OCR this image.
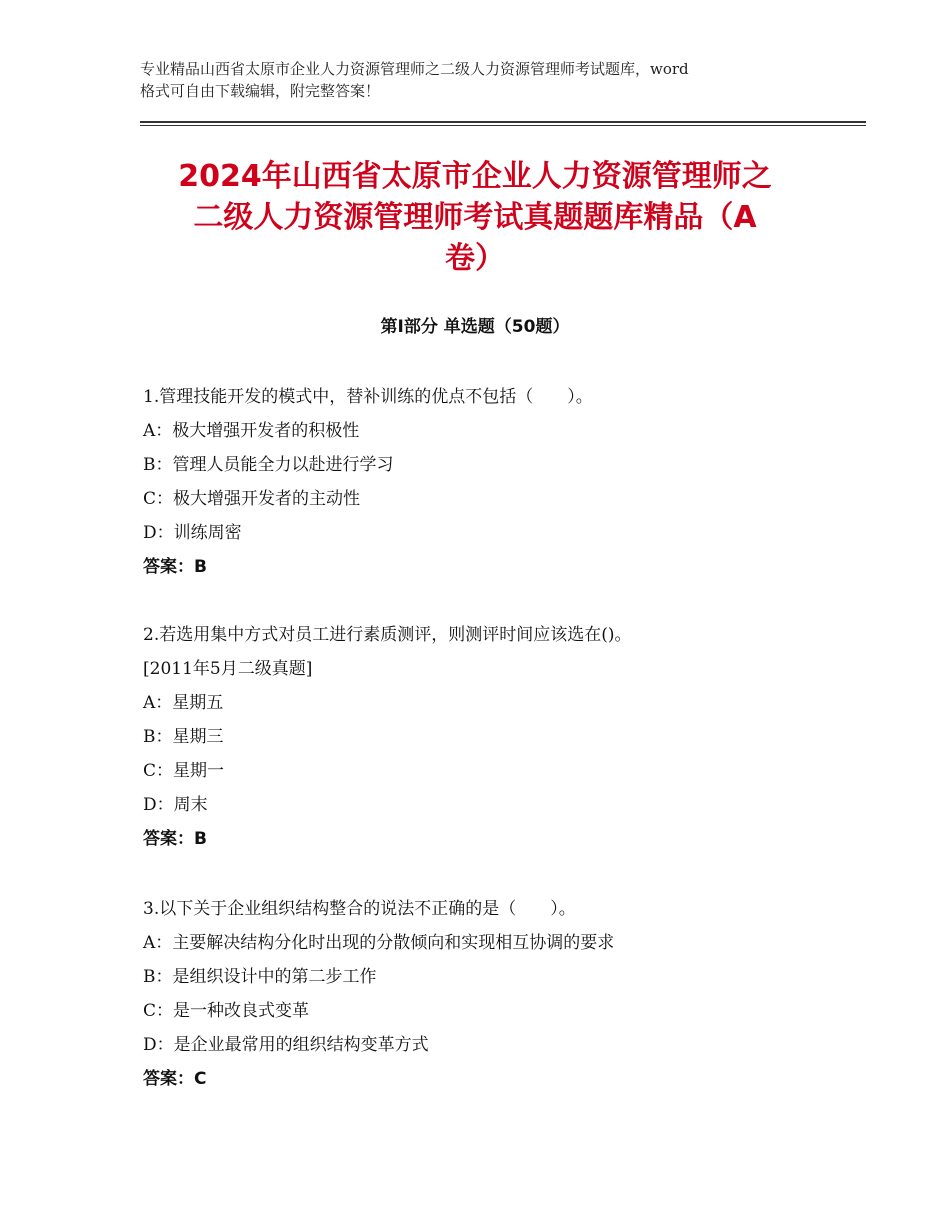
专业精品山西省太原市企业人力资源管理师之二级人力资源管理师考试题库，word
格式可自由下载编辑，附完整答案！
2024年山西省太原市企业人力资源管理师之
二级人力资源管理师考试真题题库精品（A
卷）
第Ⅰ部分 单选题（50题）
1.管理技能开发的模式中，替补训练的优点不包括（　　）。
A：极大增强开发者的积极性
B：管理人员能全力以赴进行学习
C：极大增强开发者的主动性
D：训练周密
答案：B
2.若选用集中方式对员工进行素质测评，则测评时间应该选在()。
[2011年5月二级真题]
A：星期五
B：星期三
C：星期一
D：周末
答案：B
3.以下关于企业组织结构整合的说法不正确的是（　　）。
A：主要解决结构分化时出现的分散倾向和实现相互协调的要求
B：是组织设计中的第二步工作
C：是一种改良式变革
D：是企业最常用的组织结构变革方式
答案：C
